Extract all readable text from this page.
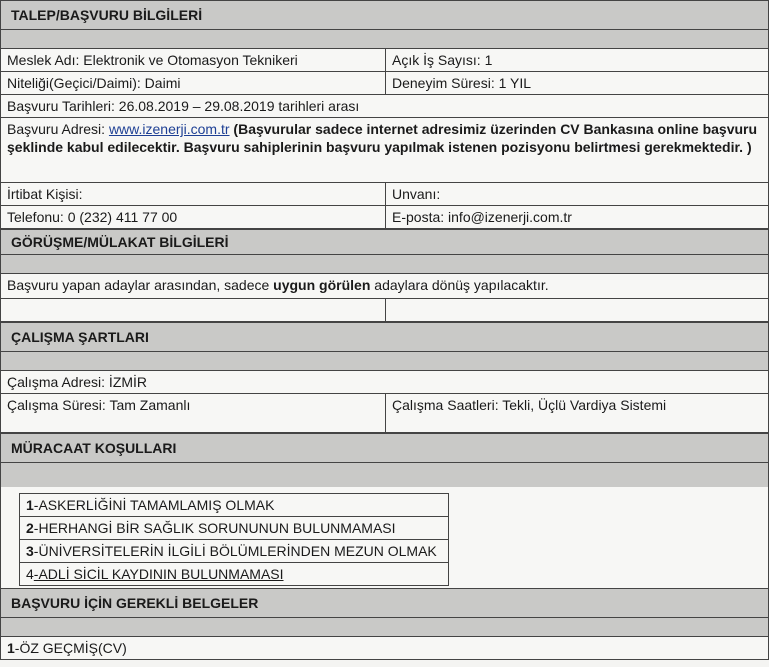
TALEP/BAŞVURU BİLGİLERİ
Meslek Adı: Elektronik ve Otomasyon Teknikeri	Açık İş Sayısı: 1
Niteliği(Geçici/Daimi): Daimi	Deneyim Süresi: 1 YIL
Başvuru Tarihleri: 26.08.2019 – 29.08.2019 tarihleri arası	
Başvuru Adresi: www.izenerji.com.tr (Başvurular sadece internet adresimiz üzerinden CV Bankasına online başvuru şeklinde kabul edilecektir. Başvuru sahiplerinin başvuru yapılmak istenen pozisyonu belirtmesi gerekmektedir. )	
İrtibat Kişisi:	Unvanı:
Telefonu: 0 (232) 411 77 00	E-posta: info@izenerji.com.tr
GÖRÜŞME/MÜLAKAT BİLGİLERİ
Başvuru yapan adaylar arasından, sadece uygun görülen adaylara dönüş yapılacaktır.

ÇALIŞMA ŞARTLARI
Çalışma Adresi: İZMİR
Çalışma Süresi: Tam Zamanlı	Çalışma Saatleri: Tekli, Üçlü Vardiya Sistemi
MÜRACAAT KOŞULLARI
1-ASKERLİĞİNİ TAMAMLAMIŞ OLMAK
2-HERHANGİ BİR SAĞLIK SORUNUNUN BULUNMAMASI
3-ÜNİVERSİTELERİN İLGİLİ BÖLÜMLERİNDEN MEZUN OLMAK
4-ADLİ SİCİL KAYDININ BULUNMAMASI
BAŞVURU İÇİN GEREKLİ BELGELER
1-ÖZ GEÇMİŞ(CV)
